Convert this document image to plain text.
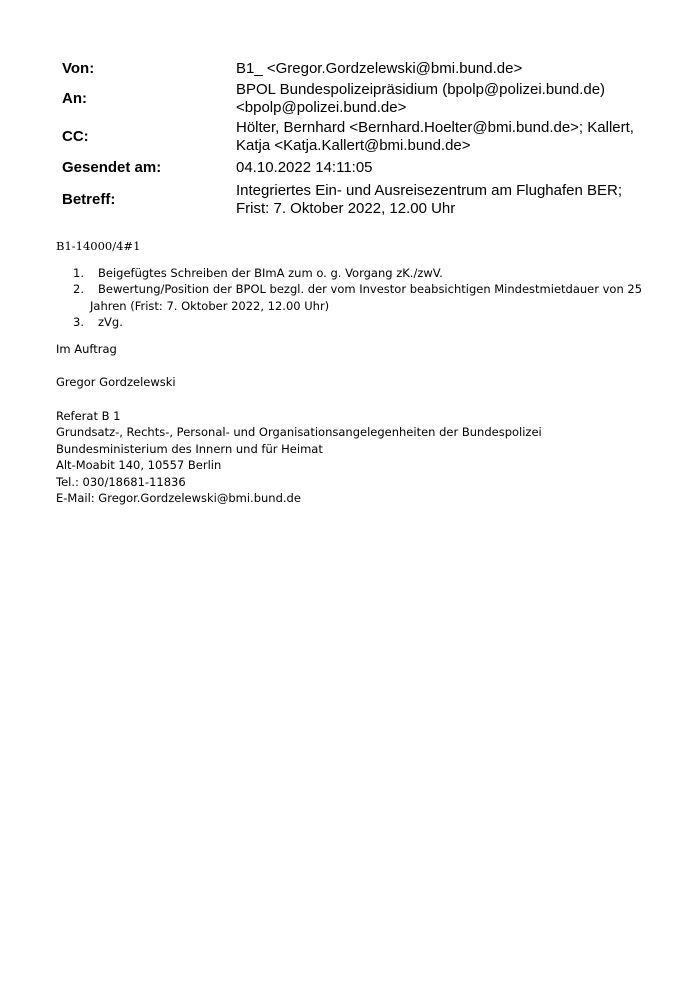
Von:	B1_ <Gregor.Gordzelewski@bmi.bund.de>
An:
BPOL Bundespolizeipräsidium (bpolp@polizei.bund.de)
<bpolp@polizei.bund.de>
CC:
Hölter, Bernhard <Bernhard.Hoelter@bmi.bund.de>; Kallert,
Katja <Katja.Kallert@bmi.bund.de>
Gesendet am:	04.10.2022 14:11:05
Betreff:
Integriertes Ein- und Ausreisezentrum am Flughafen BER;
Frist: 7. Oktober 2022, 12.00 Uhr
B1-14000/4#1
1. Beigefügtes Schreiben der BImA zum o. g. Vorgang zK./zwV.
2. Bewertung/Position der BPOL bezgl. der vom Investor beabsichtigen Mindestmietdauer von 25
Jahren (Frist: 7. Oktober 2022, 12.00 Uhr)
3. zVg.
Im Auftrag
Gregor Gordzelewski
Referat B 1
Grundsatz-, Rechts-, Personal- und Organisationsangelegenheiten der Bundespolizei
Bundesministerium des Innern und für Heimat
Alt-Moabit 140, 10557 Berlin
Tel.: 030/18681-11836
E-Mail: Gregor.Gordzelewski@bmi.bund.de
